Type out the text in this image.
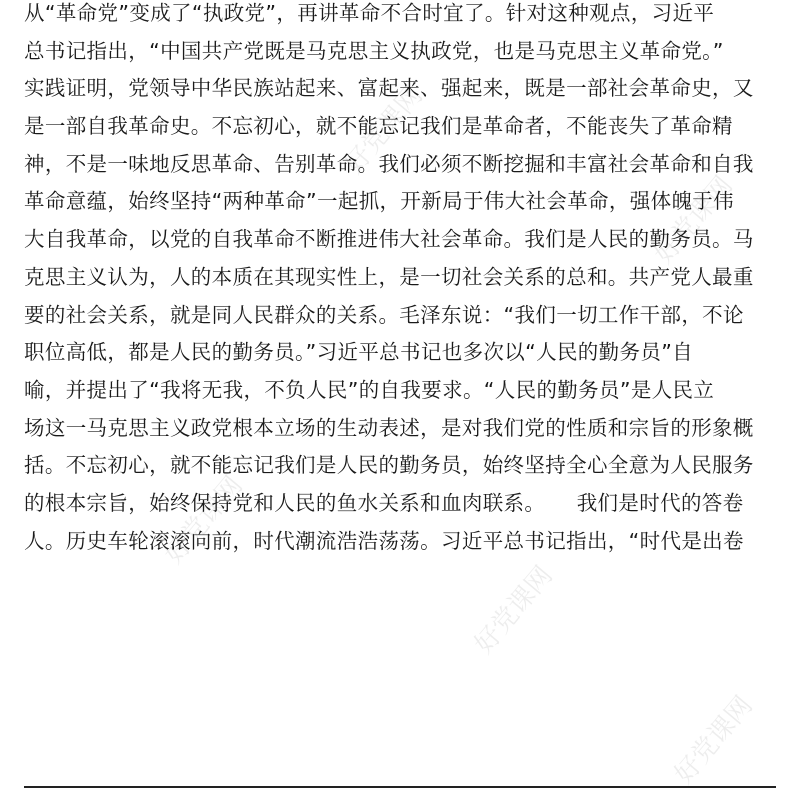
好党课网
好党课网
好党课网
好党课网
好党课网
从“革命党”变成了“执政党”，再讲革命不合时宜了。针对这种观点，习近平
总书记指出，“中国共产党既是马克思主义执政党，也是马克思主义革命党。”
实践证明，党领导中华民族站起来、富起来、强起来，既是一部社会革命史，又
是一部自我革命史。不忘初心，就不能忘记我们是革命者，不能丧失了革命精
神，不是一味地反思革命、告别革命。我们必须不断挖掘和丰富社会革命和自我
革命意蕴，始终坚持“两种革命”一起抓，开新局于伟大社会革命，强体魄于伟
大自我革命，以党的自我革命不断推进伟大社会革命。我们是人民的勤务员。马
克思主义认为，人的本质在其现实性上，是一切社会关系的总和。共产党人最重
要的社会关系，就是同人民群众的关系。毛泽东说：“我们一切工作干部，不论
职位高低，都是人民的勤务员。”习近平总书记也多次以“人民的勤务员”自
喻，并提出了“我将无我，不负人民”的自我要求。“人民的勤务员”是人民立
场这一马克思主义政党根本立场的生动表述，是对我们党的性质和宗旨的形象概
括。不忘初心，就不能忘记我们是人民的勤务员，始终坚持全心全意为人民服务
的根本宗旨，始终保持党和人民的鱼水关系和血肉联系。　　我们是时代的答卷
人。历史车轮滚滚向前，时代潮流浩浩荡荡。习近平总书记指出，“时代是出卷
